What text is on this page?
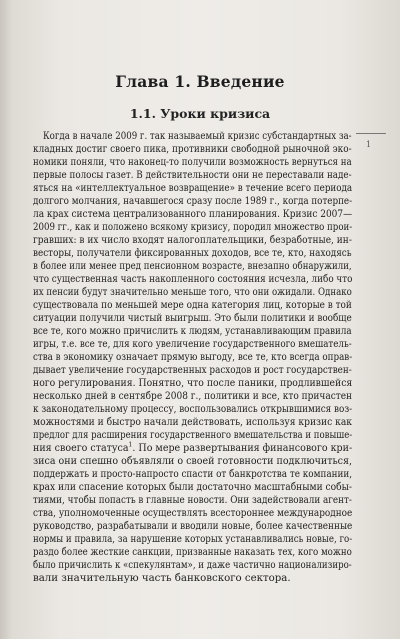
Глава 1. Введение
1.1. Уроки кризиса
1
Когда в начале 2009 г. так называемый кризис субстандартных за-
кладных достиг своего пика, противники свободной рыночной эко-
номики поняли, что наконец-то получили возможность вернуться на
первые полосы газет. В действительности они не переставали наде-
яться на «интеллектуальное возвращение» в течение всего периода
долгого молчания, начавшегося сразу после 1989 г., когда потерпе-
ла крах система централизованного планирования. Кризис 2007—
2009 гг., как и положено всякому кризису, породил множество прои-
гравших: в их число входят налогоплательщики, безработные, ин-
весторы, получатели фиксированных доходов, все те, кто, находясь
в более или менее пред пенсионном возрасте, внезапно обнаружили,
что существенная часть накопленного состояния исчезла, либо что
их пенсии будут значительно меньше того, что они ожидали. Однако
существовала по меньшей мере одна категория лиц, которые в той
ситуации получили чистый выигрыш. Это были политики и вообще
все те, кого можно причислить к людям, устанавливающим правила
игры, т.е. все те, для кого увеличение государственного вмешатель-
ства в экономику означает прямую выгоду, все те, кто всегда оправ-
дывает увеличение государственных расходов и рост государствен-
ного регулирования. Понятно, что после паники, продлившейся
несколько дней в сентябре 2008 г., политики и все, кто причастен
к законодательному процессу, воспользовались открывшимися воз-
можностями и быстро начали действовать, используя кризис как
предлог для расширения государственного вмешательства и повыше-
ния своего статуса$^1$. По мере развертывания финансового кри-
зиса они спешно объявляли о своей готовности подключиться,
поддержать и просто-напросто спасти от банкротства те компании,
крах или спасение которых были достаточно масштабными собы-
тиями, чтобы попасть в главные новости. Они задействовали агент-
ства, уполномоченные осуществлять всестороннее международное
руководство, разрабатывали и вводили новые, более качественные
нормы и правила, за нарушение которых устанавливались новые, го-
раздо более жесткие санкции, призванные наказать тех, кого можно
было причислить к «спекулянтам», и даже частично национализиро-
вали значительную часть банковского сектора.
